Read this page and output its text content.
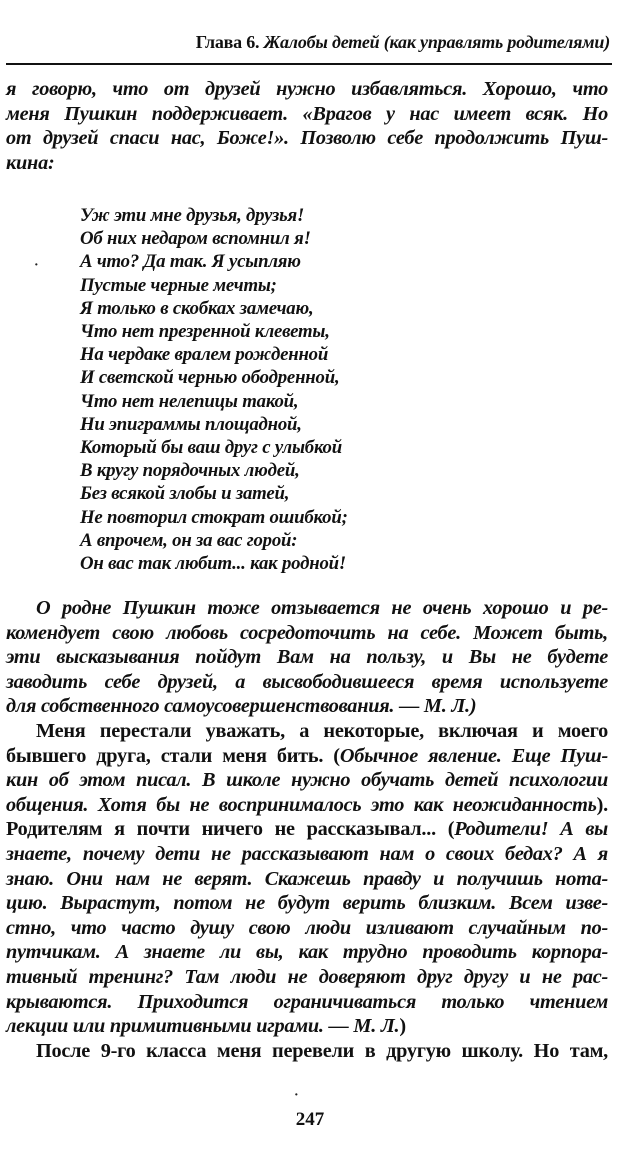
Глава 6. Жалобы детей (как управлять родителями)
я говорю, что от друзей нужно избавляться. Хорошо, что
меня Пушкин поддерживает. «Врагов у нас имеет всяк. Но
от друзей спаси нас, Боже!». Позволю себе продолжить Пуш-
кина:
Уж эти мне друзья, друзья!
Об них недаром вспомнил я!
А что? Да так. Я усыпляю
Пустые черные мечты;
Я только в скобках замечаю,
Что нет презренной клеветы,
На чердаке вралем рожденной
И светской чернью ободренной,
Что нет нелепицы такой,
Ни эпиграммы площадной,
Который бы ваш друг с улыбкой
В кругу порядочных людей,
Без всякой злобы и затей,
Не повторил стократ ошибкой;
А впрочем, он за вас горой:
Он вас так любит... как родной!
·
О родне Пушкин тоже отзывается не очень хорошо и ре-
комендует свою любовь сосредоточить на себе. Может быть,
эти высказывания пойдут Вам на пользу, и Вы не будете
заводить себе друзей, а высвободившееся время используете
для собственного самоусовершенствования. — М. Л.)
Меня перестали уважать, а некоторые, включая и моего
бывшего друга, стали меня бить. (Обычное явление. Еще Пуш-
кин об этом писал. В школе нужно обучать детей психологии
общения. Хотя бы не воспринималось это как неожиданность).
Родителям я почти ничего не рассказывал... (Родители! А вы
знаете, почему дети не рассказывают нам о своих бедах? А я
знаю. Они нам не верят. Скажешь правду и получишь нота-
цию. Вырастут, потом не будут верить близким. Всем изве-
стно, что часто душу свою люди изливают случайным по-
путчикам. А знаете ли вы, как трудно проводить корпора-
тивный тренинг? Там люди не доверяют друг другу и не рас-
крываются. Приходится ограничиваться только чтением
лекции или примитивными играми. — М. Л.)
После 9-го класса меня перевели в другую школу. Но там,
·
247
